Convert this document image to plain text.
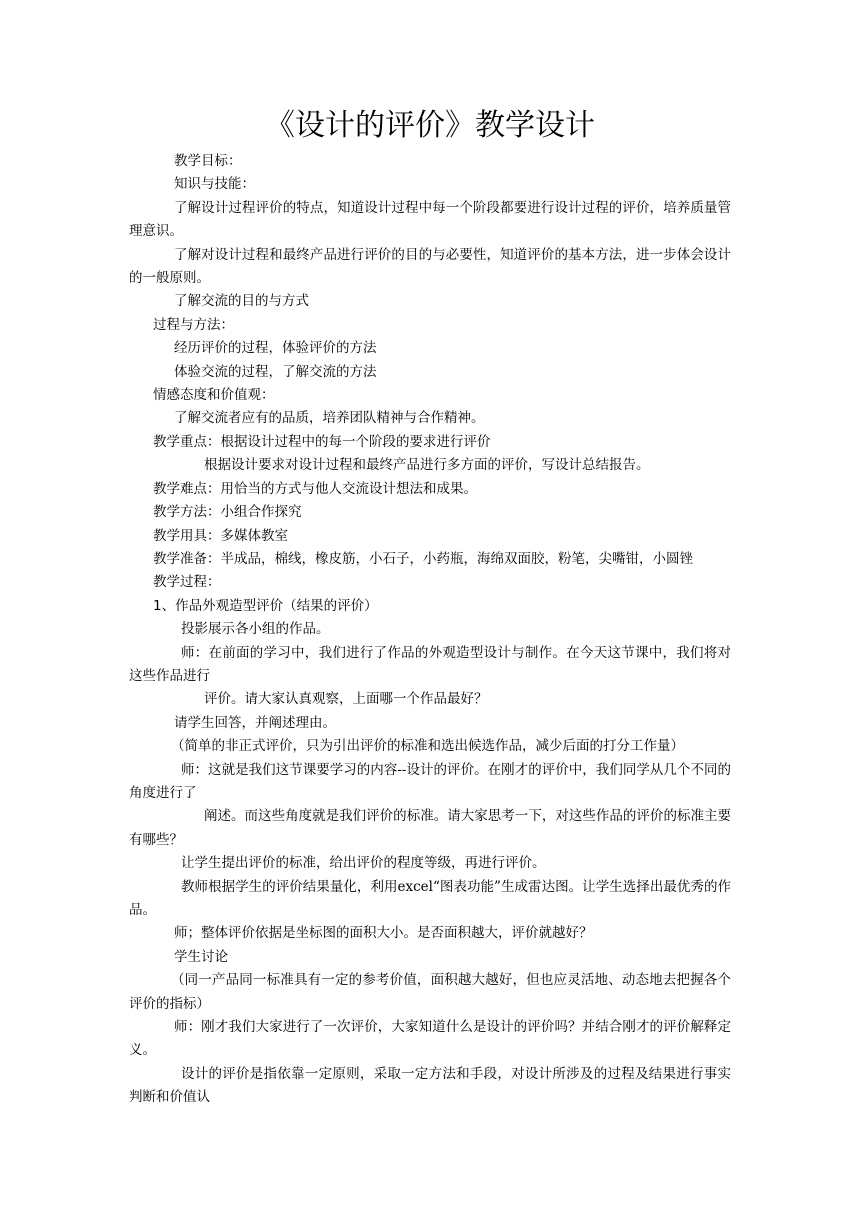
《设计的评价》教学设计

教学目标：

知识与技能：

了解设计过程评价的特点，知道设计过程中每一个阶段都要进行设计过程的评价，培养质量管理意识。

了解对设计过程和最终产品进行评价的目的与必要性，知道评价的基本方法，进一步体会设计的一般原则。

了解交流的目的与方式

过程与方法：

经历评价的过程，体验评价的方法

体验交流的过程，了解交流的方法

情感态度和价值观：

了解交流者应有的品质，培养团队精神与合作精神。

教学重点：根据设计过程中的每一个阶段的要求进行评价

根据设计要求对设计过程和最终产品进行多方面的评价，写设计总结报告。

教学难点：用恰当的方式与他人交流设计想法和成果。

教学方法：小组合作探究

教学用具：多媒体教室

教学准备：半成品，棉线，橡皮筋，小石子，小药瓶，海绵双面胶，粉笔，尖嘴钳，小圆锉

教学过程：

1、作品外观造型评价（结果的评价）

投影展示各小组的作品。

师：在前面的学习中，我们进行了作品的外观造型设计与制作。在今天这节课中，我们将对这些作品进行

评价。请大家认真观察，上面哪一个作品最好？

请学生回答，并阐述理由。

（简单的非正式评价，只为引出评价的标准和选出候选作品，减少后面的打分工作量）

师：这就是我们这节课要学习的内容--设计的评价。在刚才的评价中，我们同学从几个不同的角度进行了

阐述。而这些角度就是我们评价的标准。请大家思考一下，对这些作品的评价的标准主要有哪些？

让学生提出评价的标准，给出评价的程度等级，再进行评价。

教师根据学生的评价结果量化，利用excel“图表功能”生成雷达图。让学生选择出最优秀的作品。

师；整体评价依据是坐标图的面积大小。是否面积越大，评价就越好？

学生讨论

（同一产品同一标准具有一定的参考价值，面积越大越好，但也应灵活地、动态地去把握各个评价的指标）

师：刚才我们大家进行了一次评价，大家知道什么是设计的评价吗？并结合刚才的评价解释定义。

设计的评价是指依靠一定原则，采取一定方法和手段，对设计所涉及的过程及结果进行事实判断和价值认
